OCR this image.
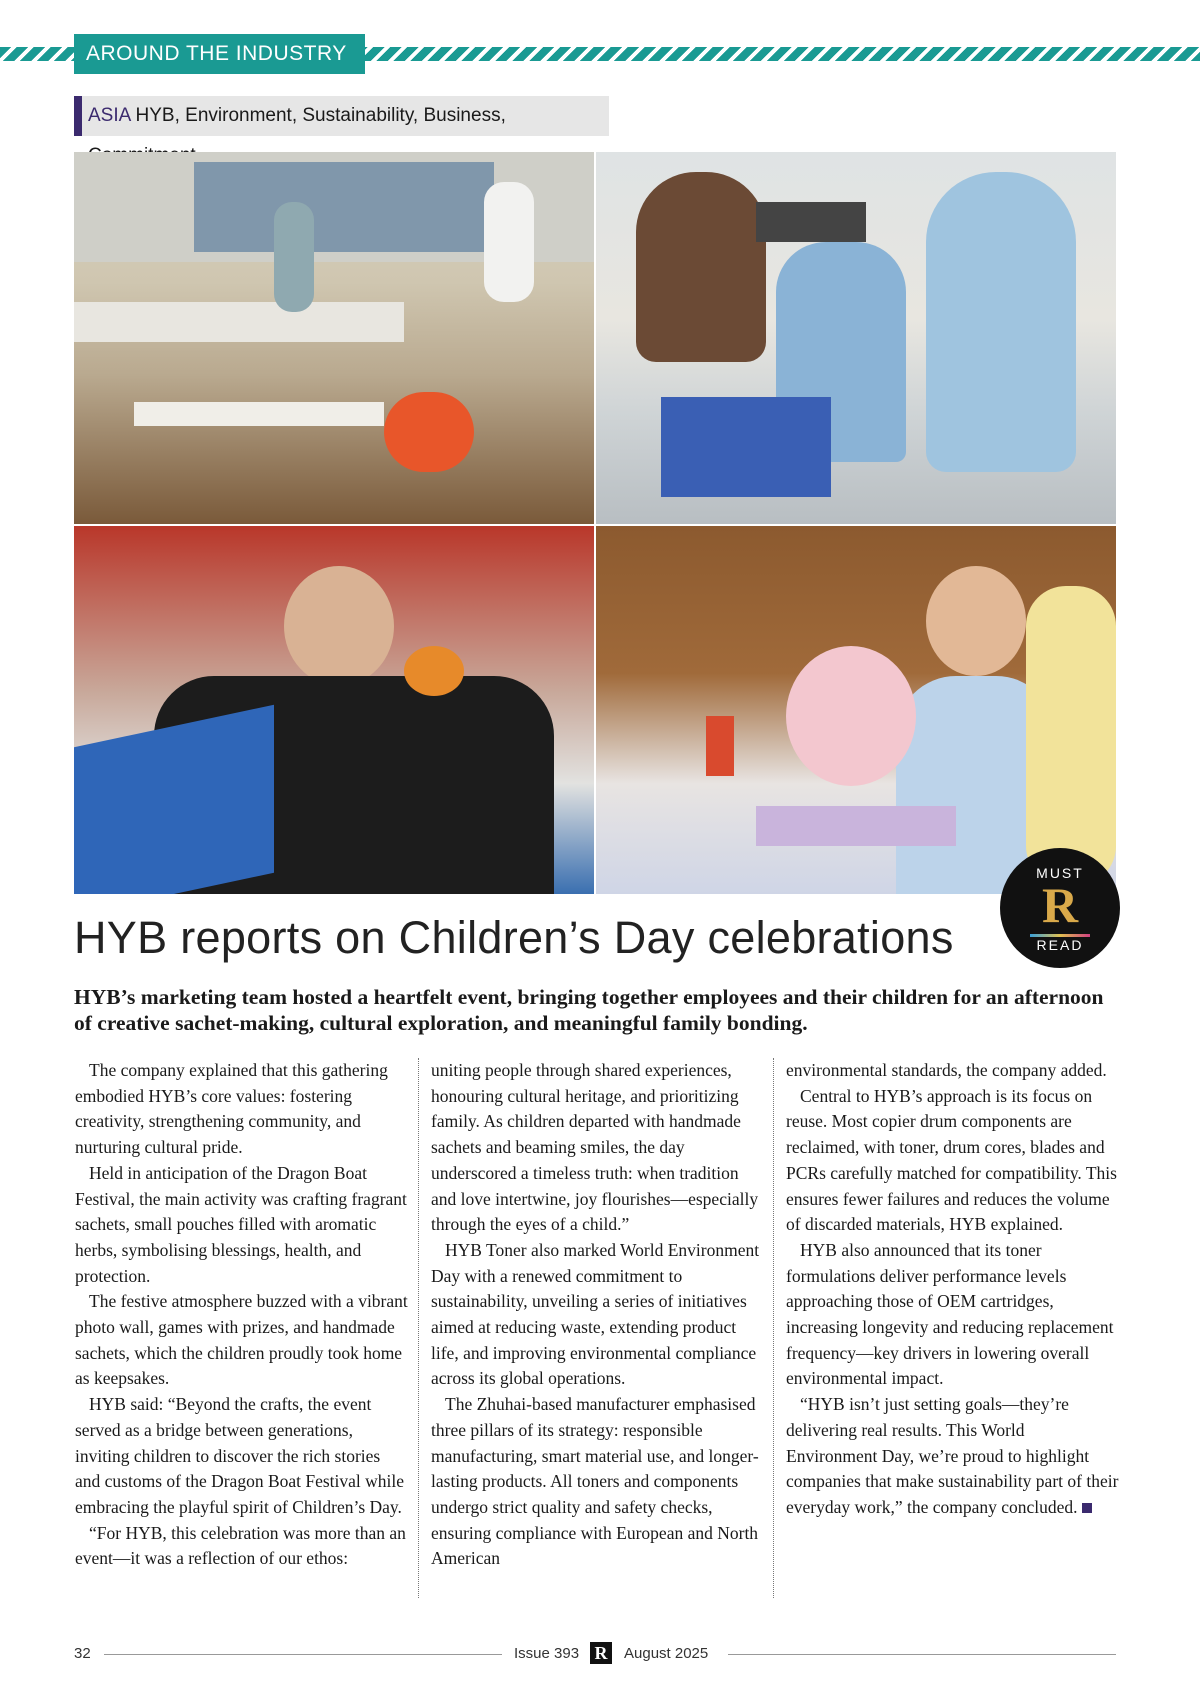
AROUND THE INDUSTRY
ASIA HYB, Environment, Sustainability, Business,
MUST
R
READ
HYB reports on Children’s Day celebrations

HYB’s marketing team hosted a heartfelt event, bringing together employees and their children for an afternoon of creative sachet-making, cultural exploration, and meaningful family bonding.

The company explained that this gathering embodied HYB’s core values: fostering creativity, strengthening community, and nurturing cultural pride.

Held in anticipation of the Dragon Boat Festival, the main activity was crafting fragrant sachets, small pouches filled with aromatic herbs, symbolising blessings, health, and protection.

The festive atmosphere buzzed with a vibrant photo wall, games with prizes, and handmade sachets, which the children proudly took home as keepsakes.

HYB said: “Beyond the crafts, the event served as a bridge between generations, inviting children to discover the rich stories and customs of the Dragon Boat Festival while embracing the playful spirit of Children’s Day.

“For HYB, this celebration was more than an event—it was a reflection of our ethos:

uniting people through shared experiences, honouring cultural heritage, and prioritizing family. As children departed with handmade sachets and beaming smiles, the day underscored a timeless truth: when tradition and love intertwine, joy flourishes—especially through the eyes of a child.”

HYB Toner also marked World Environment Day with a renewed commitment to sustainability, unveiling a series of initiatives aimed at reducing waste, extending product life, and improving environmental compliance across its global operations.

The Zhuhai-based manufacturer emphasised three pillars of its strategy: responsible manufacturing, smart material use, and longer-lasting products. All toners and components undergo strict quality and safety checks, ensuring compliance with European and North American

environmental standards, the company added.

Central to HYB’s approach is its focus on reuse. Most copier drum components are reclaimed, with toner, drum cores, blades and PCRs carefully matched for compatibility. This ensures fewer failures and reduces the volume of discarded materials, HYB explained.

HYB also announced that its toner formulations deliver performance levels approaching those of OEM cartridges, increasing longevity and reducing replacement frequency—key drivers in lowering overall environmental impact.

“HYB isn’t just setting goals—they’re delivering real results. This World Environment Day, we’re proud to highlight companies that make sustainability part of their everyday work,” the company concluded.

32	Issue 393 R	August 2025
